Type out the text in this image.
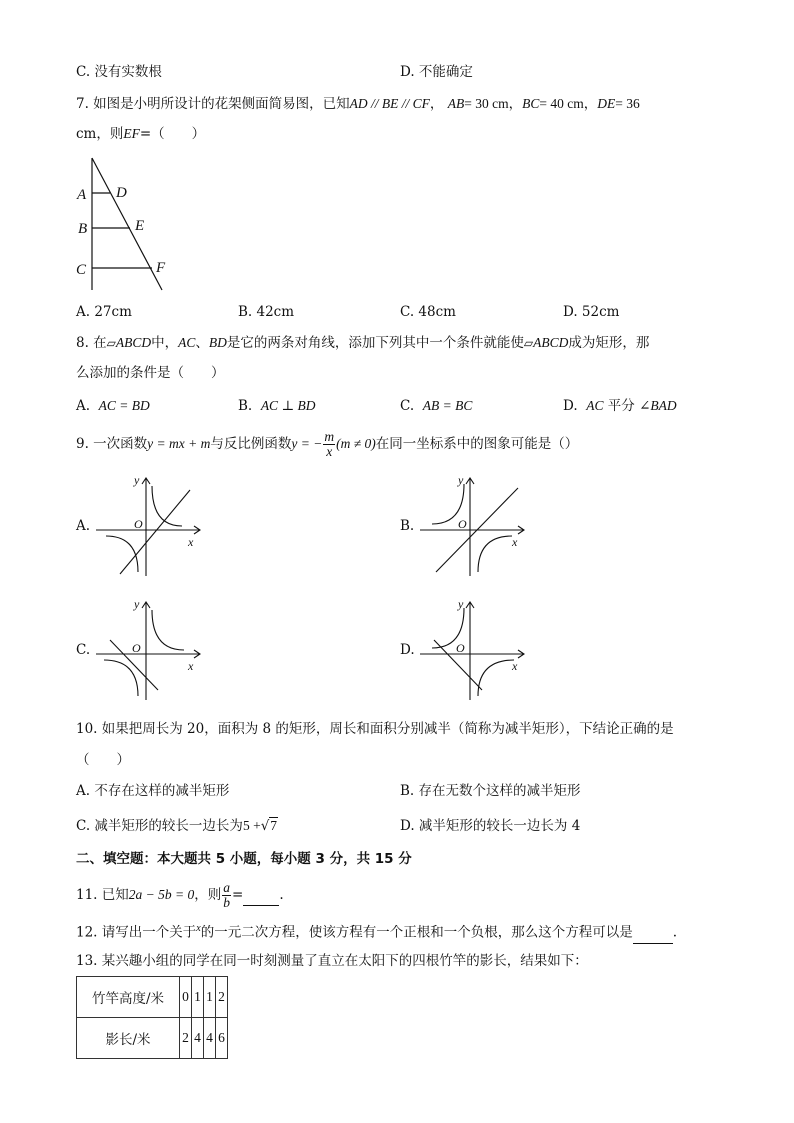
C. 没有实数根	D. 不能确定
7. 如图是小明所设计的花架侧面简易图，已知AD // BE // CF， AB= 30 cm，BC= 40 cm，DE= 36
cm，则EF=（　　）
A D
B	E
C	F
A. 27cm	B. 42cm	C. 48cm	D. 52cm
8. 在▱ABCD中，AC、BD是它的两条对角线，添加下列其中一个条件就能使▱ABCD成为矩形，那
么添加的条件是（　　）
A. AC = BD	B. AC ⊥ BD	C. AB = BC	D. AC 平分 ∠BAD
9. 一次函数y = mx + m与反比例函数y = − $\frac{m}{x} (m \ne 0)$在同一坐标系中的图象可能是（）
A.	B.
C.	D.
O
x
y
O
x
y
O
x
y
O
x
y
10. 如果把周长为 20，面积为 8 的矩形，周长和面积分别减半（简称为减半矩形），下结论正确的是
（　　）
A. 不存在这样的减半矩形	B. 存在无数个这样的减半矩形
C. 减半矩形的较长一边长为5 +√7	D. 减半矩形的较长一边长为 4
二、填空题：本大题共 5 小题，每小题 3 分，共 15 分
11. 已知2a − 5b = 0，则 $\frac{a}{b}$ =	.
12. 请写出一个关于$^x$的一元二次方程，使该方程有一个正根和一个负根，那么这个方程可以是	.
13. 某兴趣小组的同学在同一时刻测量了直立在太阳下的四根竹竿的影长，结果如下：
竹竿高度/米	0	1	1	2
影长/米	2	4	4	6
